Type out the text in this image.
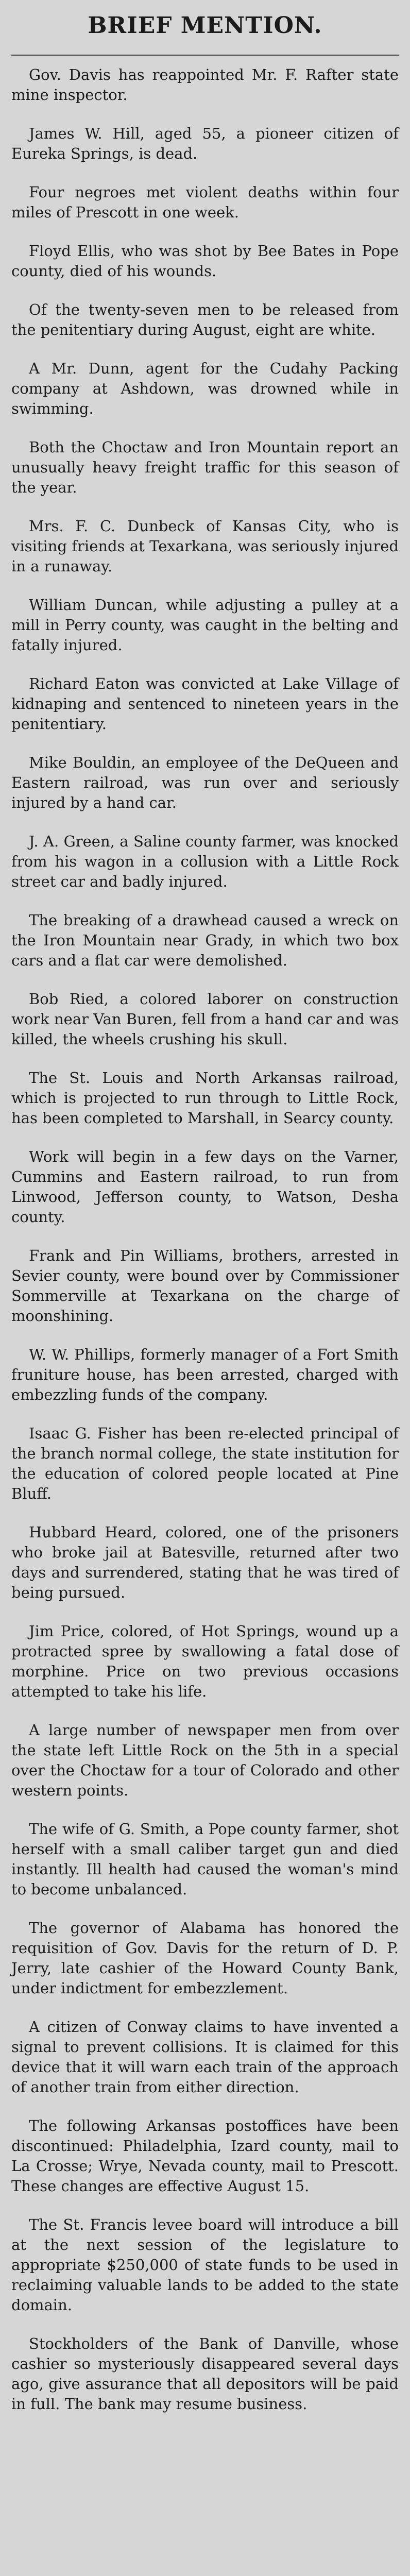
BRIEF MENTION.

Gov. Davis has reappointed Mr. F. Rafter state mine inspector.

James W. Hill, aged 55, a pioneer citizen of Eureka Springs, is dead.

Four negroes met violent deaths within four miles of Prescott in one week.

Floyd Ellis, who was shot by Bee Bates in Pope county, died of his wounds.

Of the twenty-seven men to be released from the penitentiary during August, eight are white.

A Mr. Dunn, agent for the Cudahy Packing company at Ashdown, was drowned while in swimming.

Both the Choctaw and Iron Mountain report an unusually heavy freight traffic for this season of the year.

Mrs. F. C. Dunbeck of Kansas City, who is visiting friends at Texarkana, was seriously injured in a runaway.

William Duncan, while adjusting a pulley at a mill in Perry county, was caught in the belting and fatally injured.

Richard Eaton was convicted at Lake Village of kidnaping and sentenced to nineteen years in the penitentiary.

Mike Bouldin, an employee of the DeQueen and Eastern railroad, was run over and seriously injured by a hand car.

J. A. Green, a Saline county farmer, was knocked from his wagon in a collusion with a Little Rock street car and badly injured.

The breaking of a drawhead caused a wreck on the Iron Mountain near Grady, in which two box cars and a flat car were demolished.

Bob Ried, a colored laborer on construction work near Van Buren, fell from a hand car and was killed, the wheels crushing his skull.

The St. Louis and North Arkansas railroad, which is projected to run through to Little Rock, has been completed to Marshall, in Searcy county.

Work will begin in a few days on the Varner, Cummins and Eastern railroad, to run from Linwood, Jefferson county, to Watson, Desha county.

Frank and Pin Williams, brothers, arrested in Sevier county, were bound over by Commissioner Sommerville at Texarkana on the charge of moonshining.

W. W. Phillips, formerly manager of a Fort Smith fruniture house, has been arrested, charged with embezzling funds of the company.

Isaac G. Fisher has been re-elected principal of the branch normal college, the state institution for the education of colored people located at Pine Bluff.

Hubbard Heard, colored, one of the prisoners who broke jail at Batesville, returned after two days and surrendered, stating that he was tired of being pursued.

Jim Price, colored, of Hot Springs, wound up a protracted spree by swallowing a fatal dose of morphine. Price on two previous occasions attempted to take his life.

A large number of newspaper men from over the state left Little Rock on the 5th in a special over the Choctaw for a tour of Colorado and other western points.

The wife of G. Smith, a Pope county farmer, shot herself with a small caliber target gun and died instantly. Ill health had caused the woman's mind to become unbalanced.

The governor of Alabama has honored the requisition of Gov. Davis for the return of D. P. Jerry, late cashier of the Howard County Bank, under indictment for embezzlement.

A citizen of Conway claims to have invented a signal to prevent collisions. It is claimed for this device that it will warn each train of the approach of another train from either direction.

The following Arkansas postoffices have been discontinued: Philadelphia, Izard county, mail to La Crosse; Wrye, Nevada county, mail to Prescott. These changes are effective August 15.

The St. Francis levee board will introduce a bill at the next session of the legislature to appropriate $250,000 of state funds to be used in reclaiming valuable lands to be added to the state domain.

Stockholders of the Bank of Danville, whose cashier so mysteriously disappeared several days ago, give assurance that all depositors will be paid in full. The bank may resume business.
